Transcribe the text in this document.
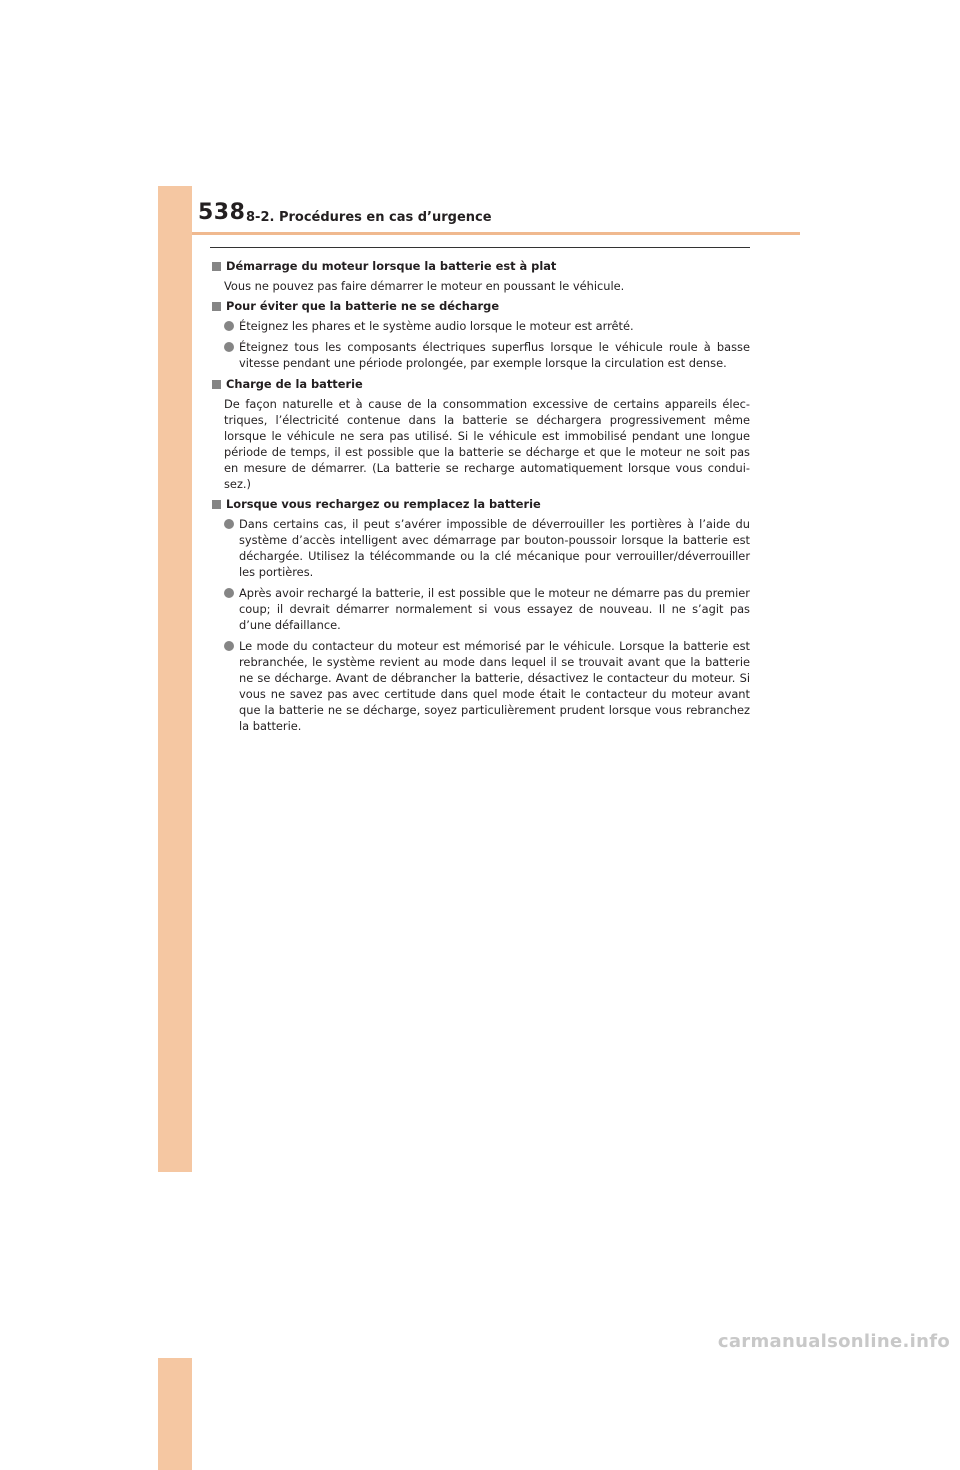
538 8-2. Procédures en cas d’urgence
Démarrage du moteur lorsque la batterie est à plat

Vous ne pouvez pas faire démarrer le moteur en poussant le véhicule.

Pour éviter que la batterie ne se décharge
Éteignez les phares et le système audio lorsque le moteur est arrêté.
Éteignez tous les composants électriques superflus lorsque le véhicule roule à basse vitesse pendant une période prolongée, par exemple lorsque la circulation est dense.
Charge de la batterie

De façon naturelle et à cause de la consommation excessive de certains appareils électriques, l’électricité contenue dans la batterie se déchargera progressivement même lorsque le véhicule ne sera pas utilisé. Si le véhicule est immobilisé pendant une longue période de temps, il est possible que la batterie se décharge et que le moteur ne soit pas en mesure de démarrer. (La batterie se recharge automatiquement lorsque vous conduisez.)

Lorsque vous rechargez ou remplacez la batterie
Dans certains cas, il peut s’avérer impossible de déverrouiller les portières à l’aide du système d’accès intelligent avec démarrage par bouton-poussoir lorsque la batterie est déchargée. Utilisez la télécommande ou la clé mécanique pour verrouiller/déverrouiller les portières.
Après avoir rechargé la batterie, il est possible que le moteur ne démarre pas du premier coup; il devrait démarrer normalement si vous essayez de nouveau. Il ne s’agit pas d’une défaillance.
Le mode du contacteur du moteur est mémorisé par le véhicule. Lorsque la batterie est rebranchée, le système revient au mode dans lequel il se trouvait avant que la batterie ne se décharge. Avant de débrancher la batterie, désactivez le contacteur du moteur. Si vous ne savez pas avec certitude dans quel mode était le contacteur du moteur avant que la batterie ne se décharge, soyez particulièrement prudent lorsque vous rebranchez la batterie.
carmanualsonline.info
